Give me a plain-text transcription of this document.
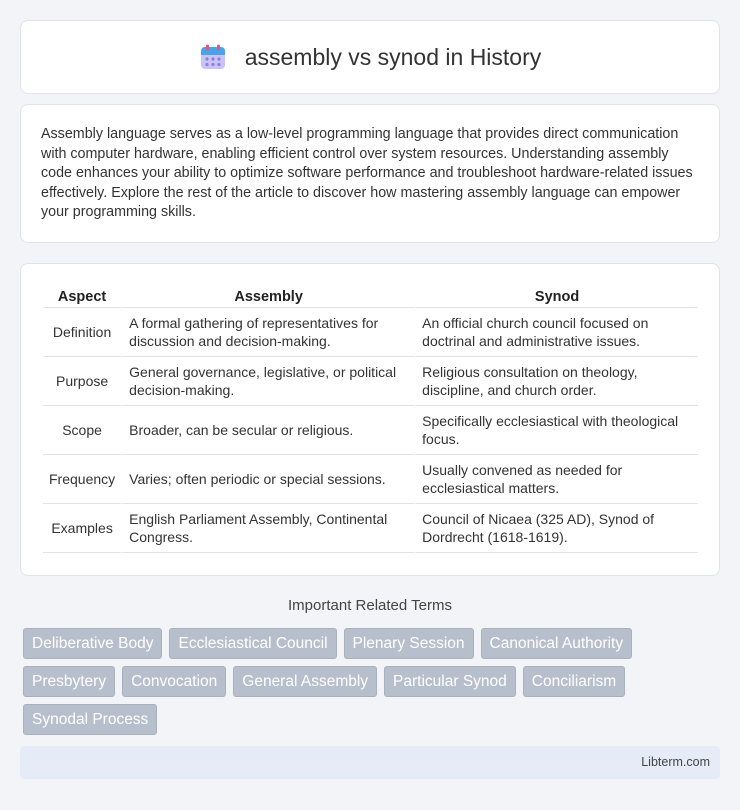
assembly vs synod in History

Assembly language serves as a low-level programming language that provides direct communication with computer hardware, enabling efficient control over system resources. Understanding assembly code enhances your ability to optimize software performance and troubleshoot hardware-related issues effectively. Explore the rest of the article to discover how mastering assembly language can empower your programming skills.

Aspect	Assembly	Synod
Definition	A formal gathering of representatives for discussion and decision-making.	An official church council focused on doctrinal and administrative issues.
Purpose	General governance, legislative, or political decision-making.	Religious consultation on theology, discipline, and church order.
Scope	Broader, can be secular or religious.	Specifically ecclesiastical with theological focus.
Frequency	Varies; often periodic or special sessions.	Usually convened as needed for ecclesiastical matters.
Examples	English Parliament Assembly, Continental Congress.	Council of Nicaea (325 AD), Synod of Dordrecht (1618-1619).
Important Related Terms
Deliberative Body	Ecclesiastical Council	Plenary Session	Canonical Authority
Presbytery	Convocation	General Assembly	Particular Synod	Conciliarism
Synodal Process
Libterm.com
